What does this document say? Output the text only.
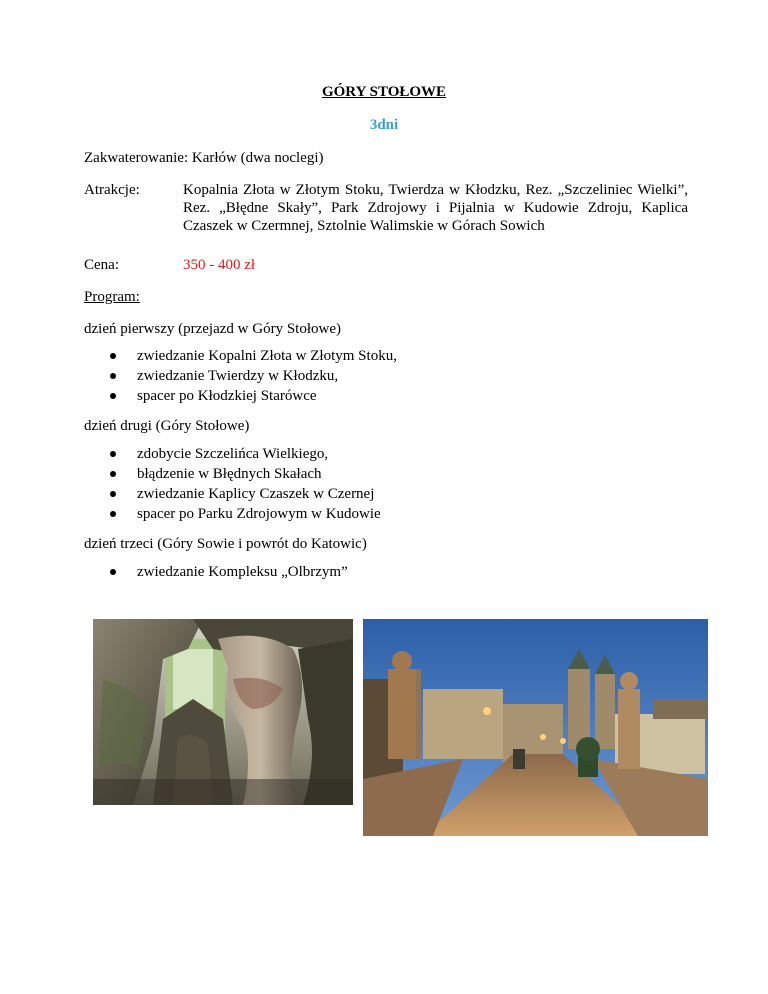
GÓRY STOŁOWE
3dni
Zakwaterowanie: Karłów (dwa noclegi)
Atrakcje:	Kopalnia Złota w Złotym Stoku, Twierdza w Kłodzku, Rez. „Szczeliniec Wielki”, Rez. „Błędne Skały”, Park Zdrojowy i Pijalnia w Kudowie Zdroju, Kaplica Czaszek w Czermnej, Sztolnie Walimskie w Górach Sowich
Cena:	350 - 400 zł
Program:
dzień pierwszy (przejazd w Góry Stołowe)
zwiedzanie Kopalni Złota w Złotym Stoku,
zwiedzanie Twierdzy w Kłodzku,
spacer po Kłodzkiej Starówce
dzień drugi (Góry Stołowe)
zdobycie Szczelińca Wielkiego,
błądzenie w Błędnych Skałach
zwiedzanie Kaplicy Czaszek w Czernej
spacer po Parku Zdrojowym w Kudowie
dzień trzeci (Góry Sowie i powrót do Katowic)
zwiedzanie Kompleksu „Olbrzym”
